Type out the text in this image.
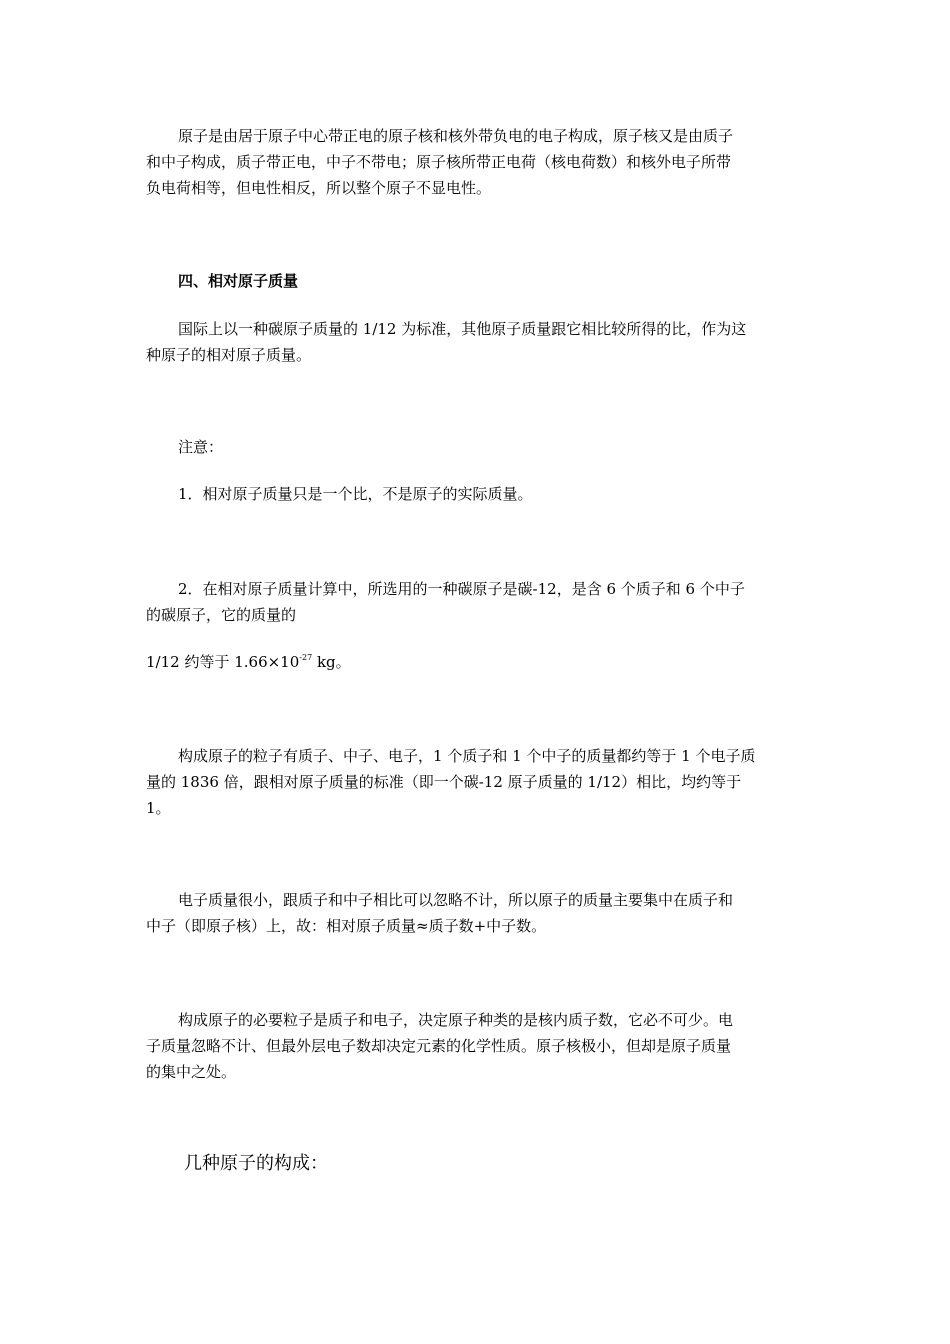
原子是由居于原子中心带正电的原子核和核外带负电的电子构成，原子核又是由质子
和中子构成，质子带正电，中子不带电；原子核所带正电荷（核电荷数）和核外电子所带
负电荷相等，但电性相反，所以整个原子不显电性。
四、相对原子质量
国际上以一种碳原子质量的 1/12 为标准，其他原子质量跟它相比较所得的比，作为这
种原子的相对原子质量。
注意：
1．相对原子质量只是一个比，不是原子的实际质量。
2．在相对原子质量计算中，所选用的一种碳原子是碳-12，是含 6 个质子和 6 个中子
的碳原子，它的质量的
1/12 约等于 $1.66\times 10^{-27}$ kg。
构成原子的粒子有质子、中子、电子，1 个质子和 1 个中子的质量都约等于 1 个电子质
量的 1836 倍，跟相对原子质量的标准（即一个碳-12 原子质量的 1/12）相比，均约等于
1。
电子质量很小，跟质子和中子相比可以忽略不计，所以原子的质量主要集中在质子和
中子（即原子核）上，故：相对原子质量≈质子数+中子数。
构成原子的必要粒子是质子和电子，决定原子种类的是核内质子数，它必不可少。电
子质量忽略不计、但最外层电子数却决定元素的化学性质。原子核极小，但却是原子质量
的集中之处。
几种原子的构成：
